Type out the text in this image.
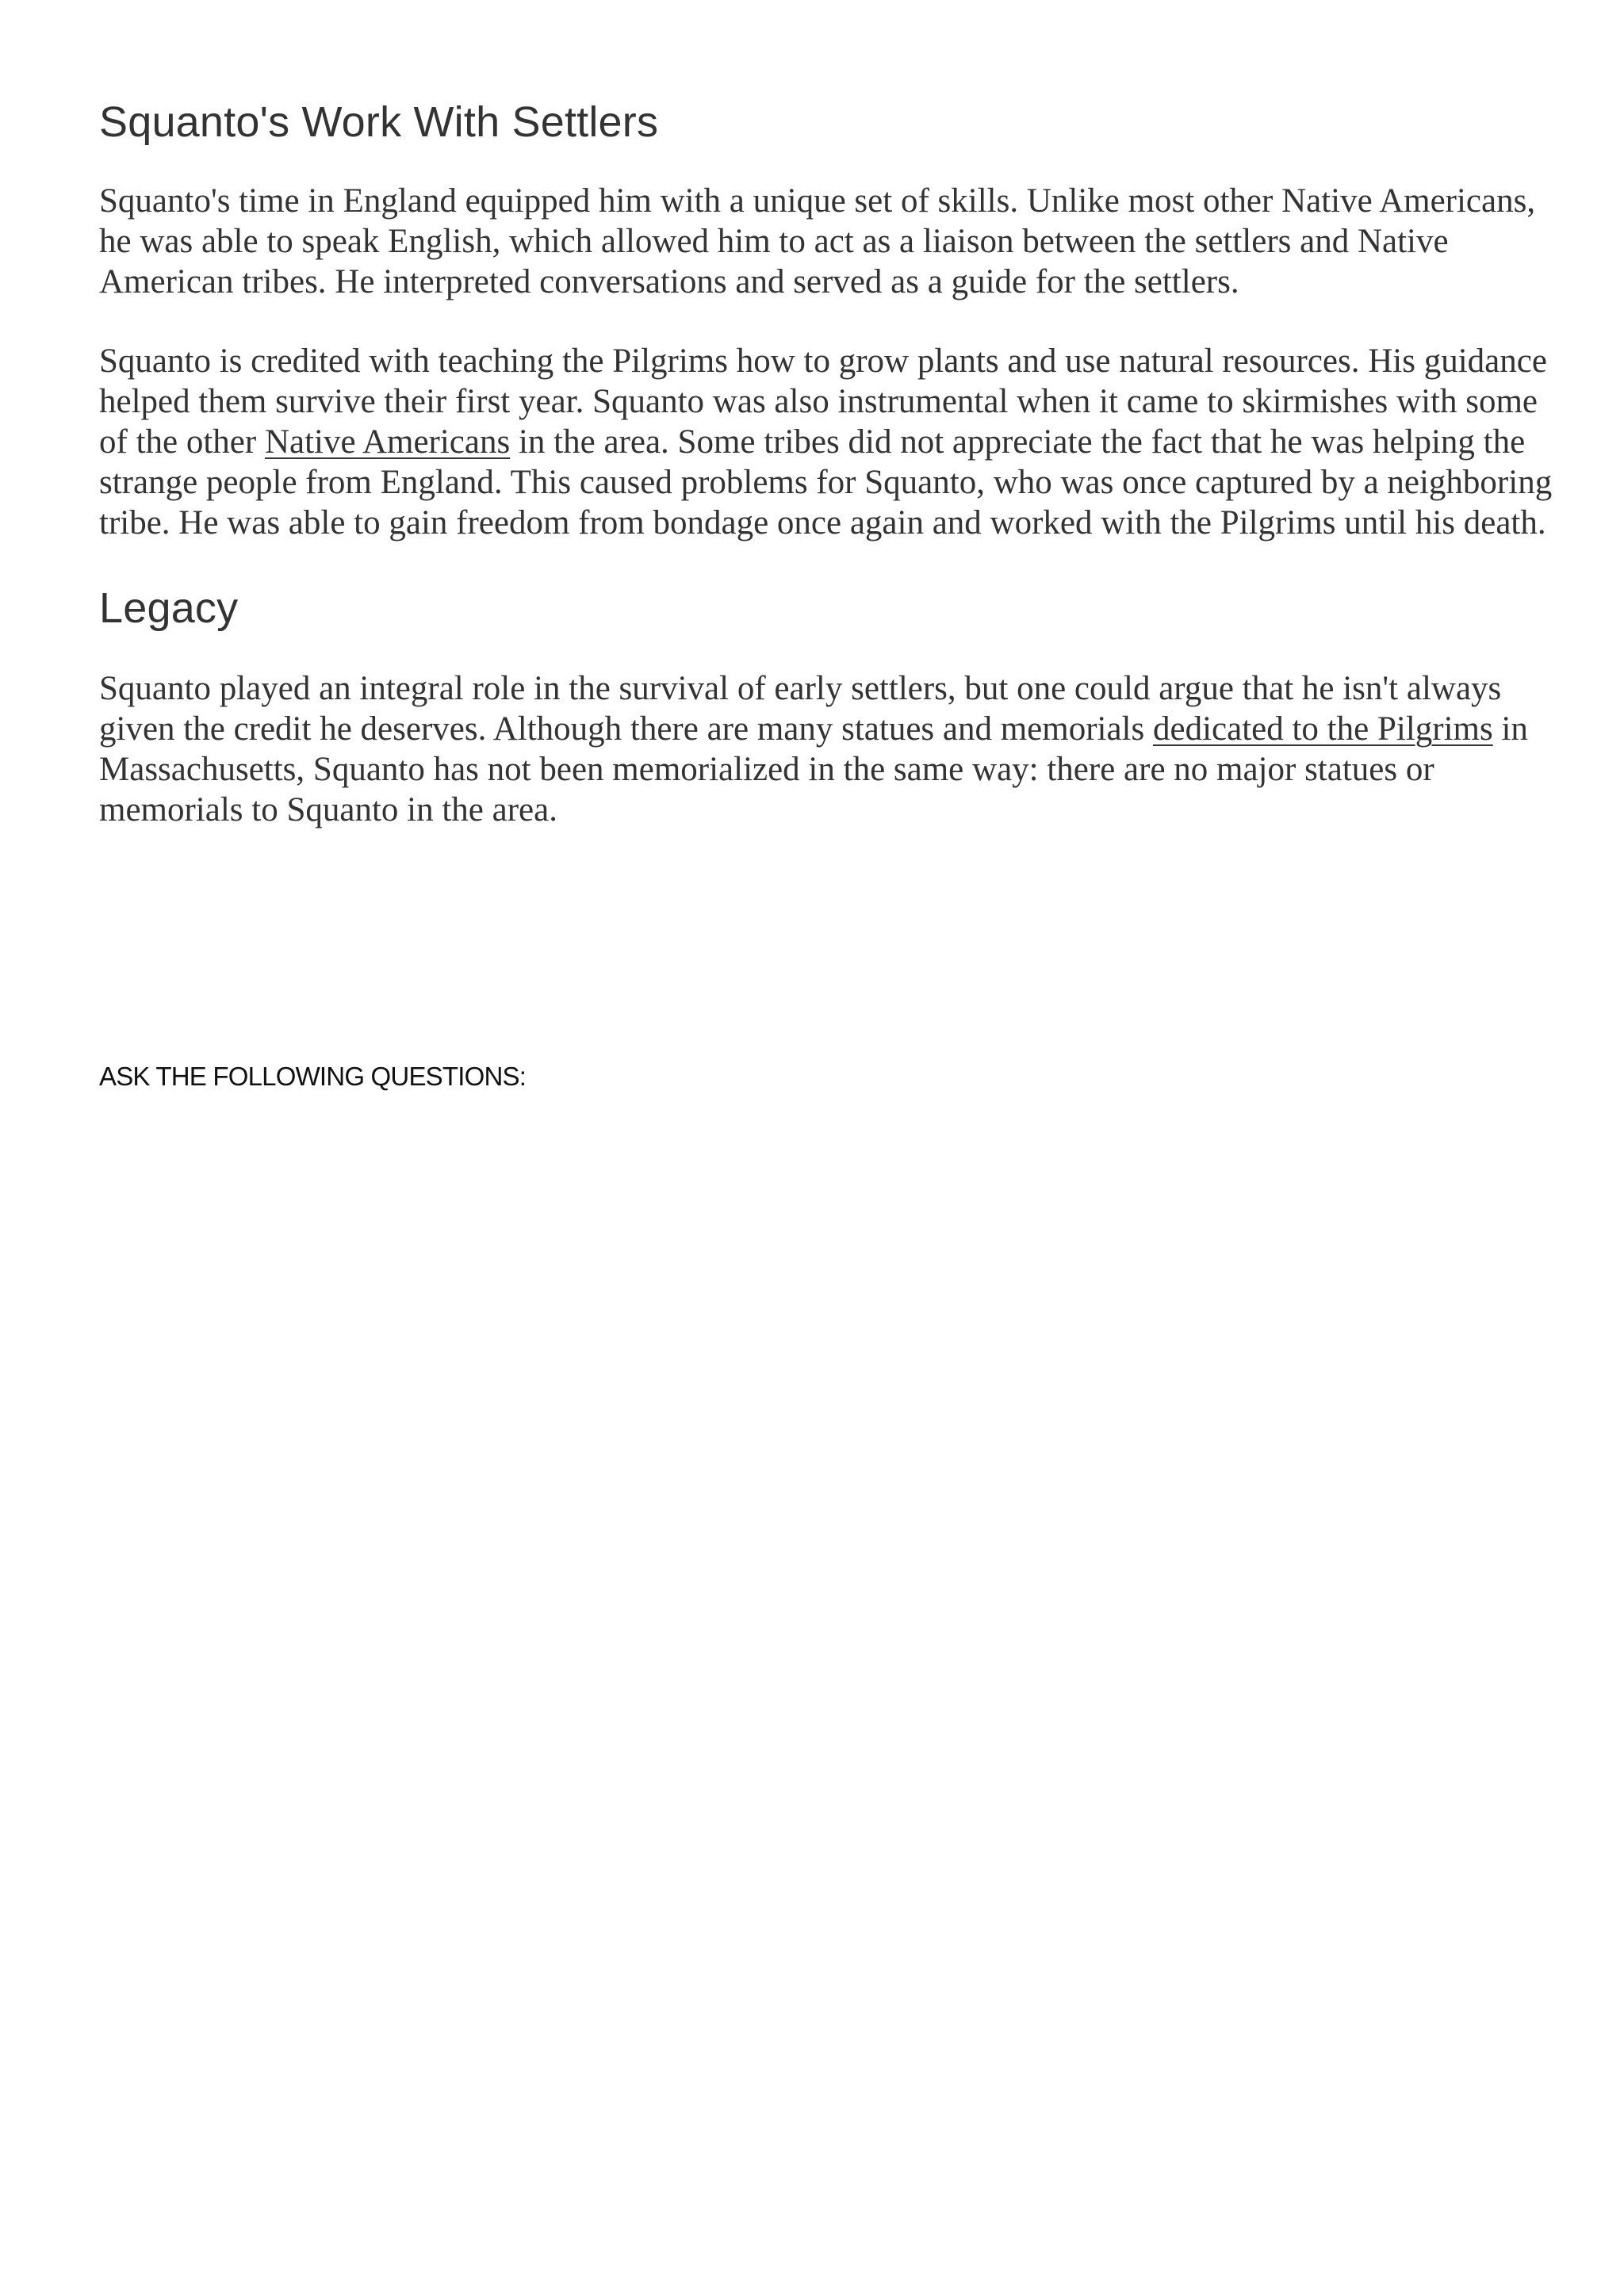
Squanto's Work With Settlers

Squanto's time in England equipped him with a unique set of skills. Unlike most other Native Americans, he was able to speak English, which allowed him to act as a liaison between the settlers and Native American tribes. He interpreted conversations and served as a guide for the settlers.

Squanto is credited with teaching the Pilgrims how to grow plants and use natural resources. His guidance helped them survive their first year. Squanto was also instrumental when it came to skirmishes with some of the other Native Americans in the area. Some tribes did not appreciate the fact that he was helping the strange people from England. This caused problems for Squanto, who was once captured by a neighboring tribe. He was able to gain freedom from bondage once again and worked with the Pilgrims until his death.

Legacy

Squanto played an integral role in the survival of early settlers, but one could argue that he isn't always given the credit he deserves. Although there are many statues and memorials dedicated to the Pilgrims in Massachusetts, Squanto has not been memorialized in the same way: there are no major statues or memorials to Squanto in the area.

ASK THE FOLLOWING QUESTIONS:
